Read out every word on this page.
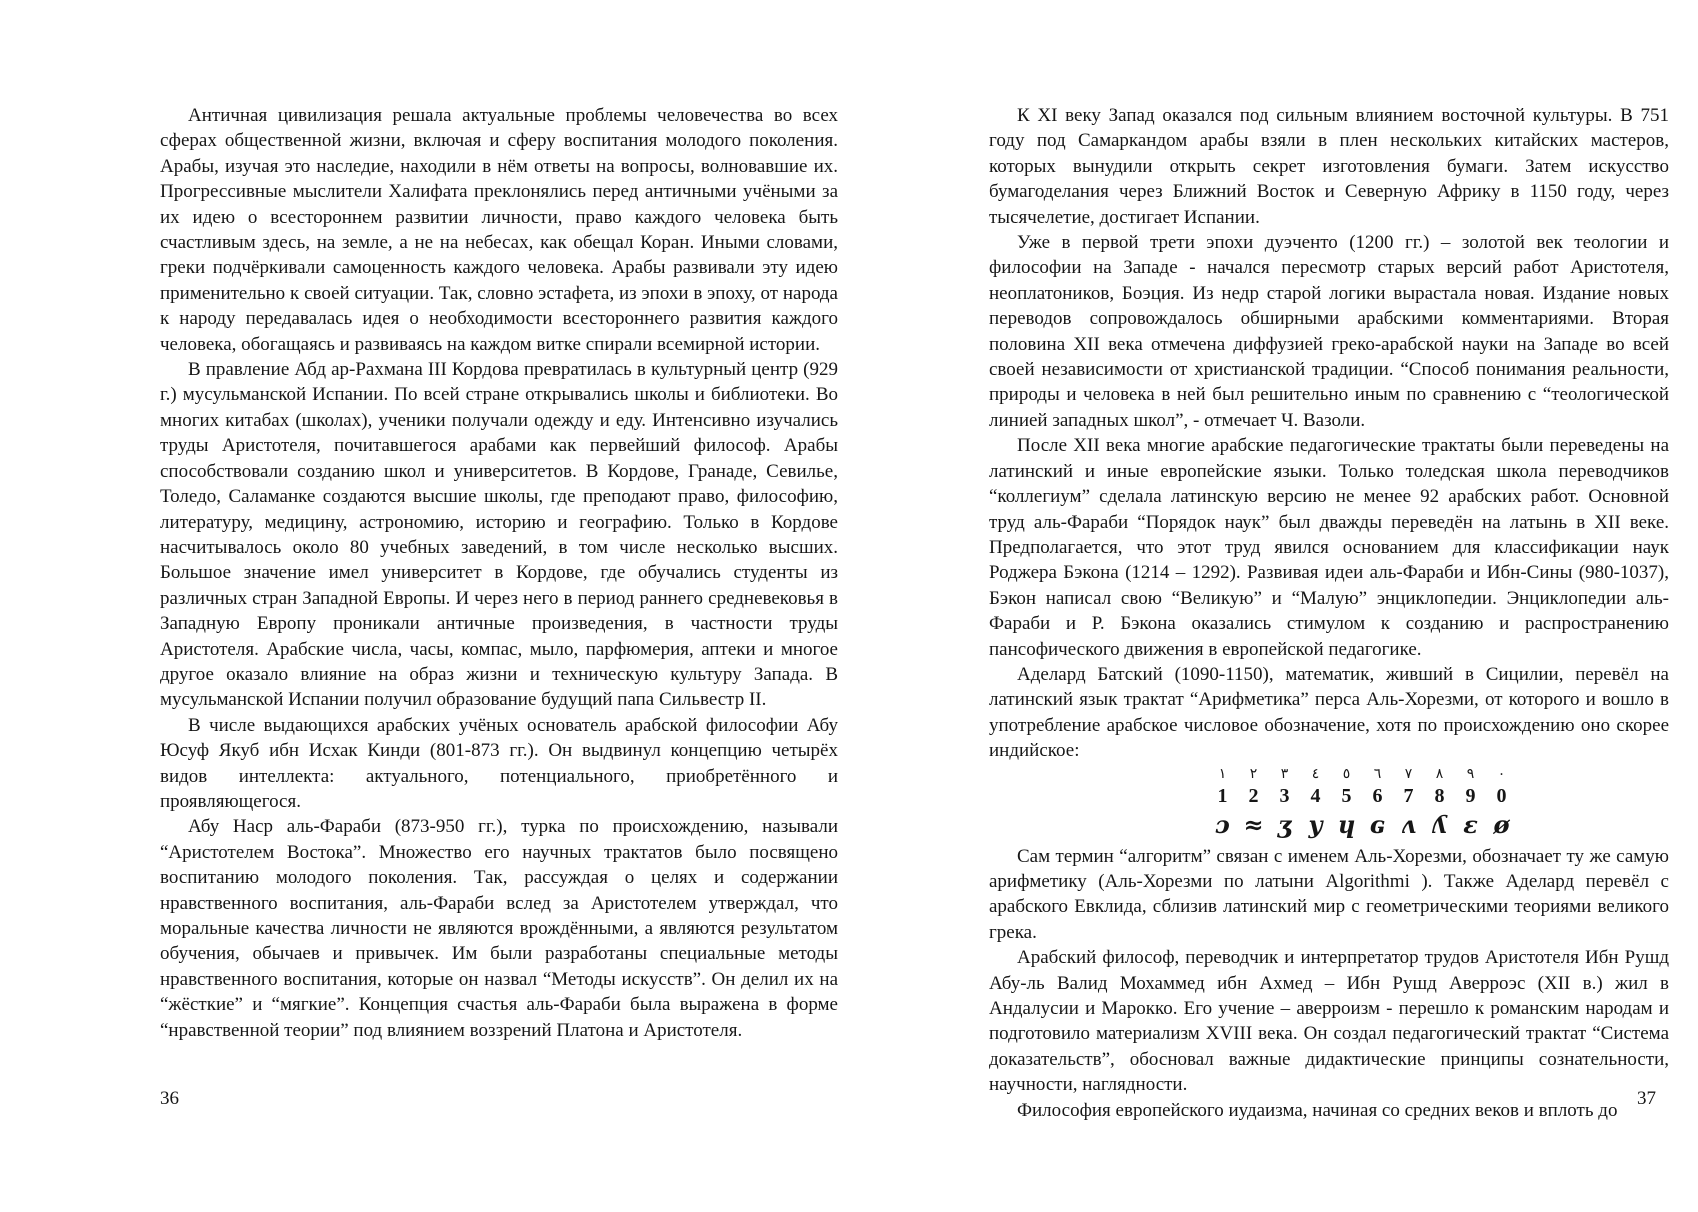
Античная цивилизация решала актуальные проблемы человечества во всех сферах общественной жизни, включая и сферу воспитания молодого поколения. Арабы, изучая это наследие, находили в нём ответы на вопросы, волновавшие их. Прогрессивные мыслители Халифата преклонялись перед античными учёными за их идею о всестороннем развитии личности, право каждого человека быть счастливым здесь, на земле, а не на небесах, как обещал Коран. Иными словами, греки подчёркивали самоценность каждого человека. Арабы развивали эту идею применительно к своей ситуации. Так, словно эстафета, из эпохи в эпоху, от народа к народу передавалась идея о необходимости всестороннего развития каждого человека, обогащаясь и развиваясь на каждом витке спирали всемирной истории.

В правление Абд ар-Рахмана III Кордова превратилась в культурный центр (929 г.) мусульманской Испании. По всей стране открывались школы и библиотеки. Во многих китабах (школах), ученики получали одежду и еду. Интенсивно изучались труды Аристотеля, почитавшегося арабами как первейший философ. Арабы способствовали созданию школ и университетов. В Кордове, Гранаде, Севилье, Толедо, Саламанке создаются высшие школы, где преподают право, философию, литературу, медицину, астрономию, историю и географию. Только в Кордове насчитывалось около 80 учебных заведений, в том числе несколько высших. Большое значение имел университет в Кордове, где обучались студенты из различных стран Западной Европы. И через него в период раннего средневековья в Западную Европу проникали античные произведения, в частности труды Аристотеля. Арабские числа, часы, компас, мыло, парфюмерия, аптеки и многое другое оказало влияние на образ жизни и техническую культуру Запада. В мусульманской Испании получил образование будущий папа Сильвестр II.

В числе выдающихся арабских учёных основатель арабской философии Абу Юсуф Якуб ибн Исхак Кинди (801-873 гг.). Он выдвинул концепцию четырёх видов интеллекта: актуального, потенциального, приобретённого и проявляющегося.

Абу Наср аль-Фараби (873-950 гг.), турка по происхождению, называли “Аристотелем Востока”. Множество его научных трактатов было посвящено воспитанию молодого поколения. Так, рассуждая о целях и содержании нравственного воспитания, аль-Фараби вслед за Аристотелем утверждал, что моральные качества личности не являются врождёнными, а являются результатом обучения, обычаев и привычек. Им были разработаны специальные методы нравственного воспитания, которые он назвал “Методы искусств”. Он делил их на “жёсткие” и “мягкие”. Концепция счастья аль-Фараби была выражена в форме “нравственной теории” под влиянием воззрений Платона и Аристотеля.

36

К XI веку Запад оказался под сильным влиянием восточной культуры. В 751 году под Самаркандом арабы взяли в плен нескольких китайских мастеров, которых вынудили открыть секрет изготовления бумаги. Затем искусство бумагоделания через Ближний Восток и Северную Африку в 1150 году, через тысячелетие, достигает Испании.

Уже в первой трети эпохи дуэченто (1200 гг.) – золотой век теологии и философии на Западе - начался пересмотр старых версий работ Аристотеля, неоплатоников, Боэция. Из недр старой логики вырастала новая. Издание новых переводов сопровождалось обширными арабскими комментариями. Вторая половина XII века отмечена диффузией греко-арабской науки на Западе во всей своей независимости от христианской традиции. “Способ понимания реальности, природы и человека в ней был решительно иным по сравнению с “теологической линией западных школ”, - отмечает Ч. Вазоли.

После XII века многие арабские педагогические трактаты были переведены на латинский и иные европейские языки. Только толедская школа переводчиков “коллегиум” сделала латинскую версию не менее 92 арабских работ. Основной труд аль-Фараби “Порядок наук” был дважды переведён на латынь в XII веке. Предполагается, что этот труд явился основанием для классификации наук Роджера Бэкона (1214 – 1292). Развивая идеи аль-Фараби и Ибн-Сины (980-1037), Бэкон написал свою “Великую” и “Малую” энциклопедии. Энциклопедии аль-Фараби и Р. Бэкона оказались стимулом к созданию и распространению пансофического движения в европейской педагогике.

Аделард Батский (1090-1150), математик, живший в Сицилии, перевёл на латинский язык трактат “Арифметика” перса Аль-Хорезми, от которого и вошло в употребление арабское числовое обозначение, хотя по происхождению оно скорее индийское:

١	٢	٣	٤	٥	٦	٧	٨	٩	٠
1	2	3	4	5	6	7	8	9	0
ɔ ≈ ʒ y ɥ ɢ ʌ ʎ ɛ ø

Сам термин “алгоритм” связан с именем Аль-Хорезми, обозначает ту же самую арифметику (Аль-Хорезми по латыни Algorithmi ). Также Аделард перевёл с арабского Евклида, сблизив латинский мир с геометрическими теориями великого грека.

Арабский философ, переводчик и интерпретатор трудов Аристотеля Ибн Рушд Абу-ль Валид Мохаммед ибн Ахмед – Ибн Рушд Аверроэс (XII в.) жил в Андалусии и Марокко. Его учение – аверроизм - перешло к романским народам и подготовило материализм XVIII века. Он создал педагогический трактат “Система доказательств”, обосновал важные дидактические принципы сознательности, научности, наглядности.

Философия европейского иудаизма, начиная со средних веков и вплоть до

37
